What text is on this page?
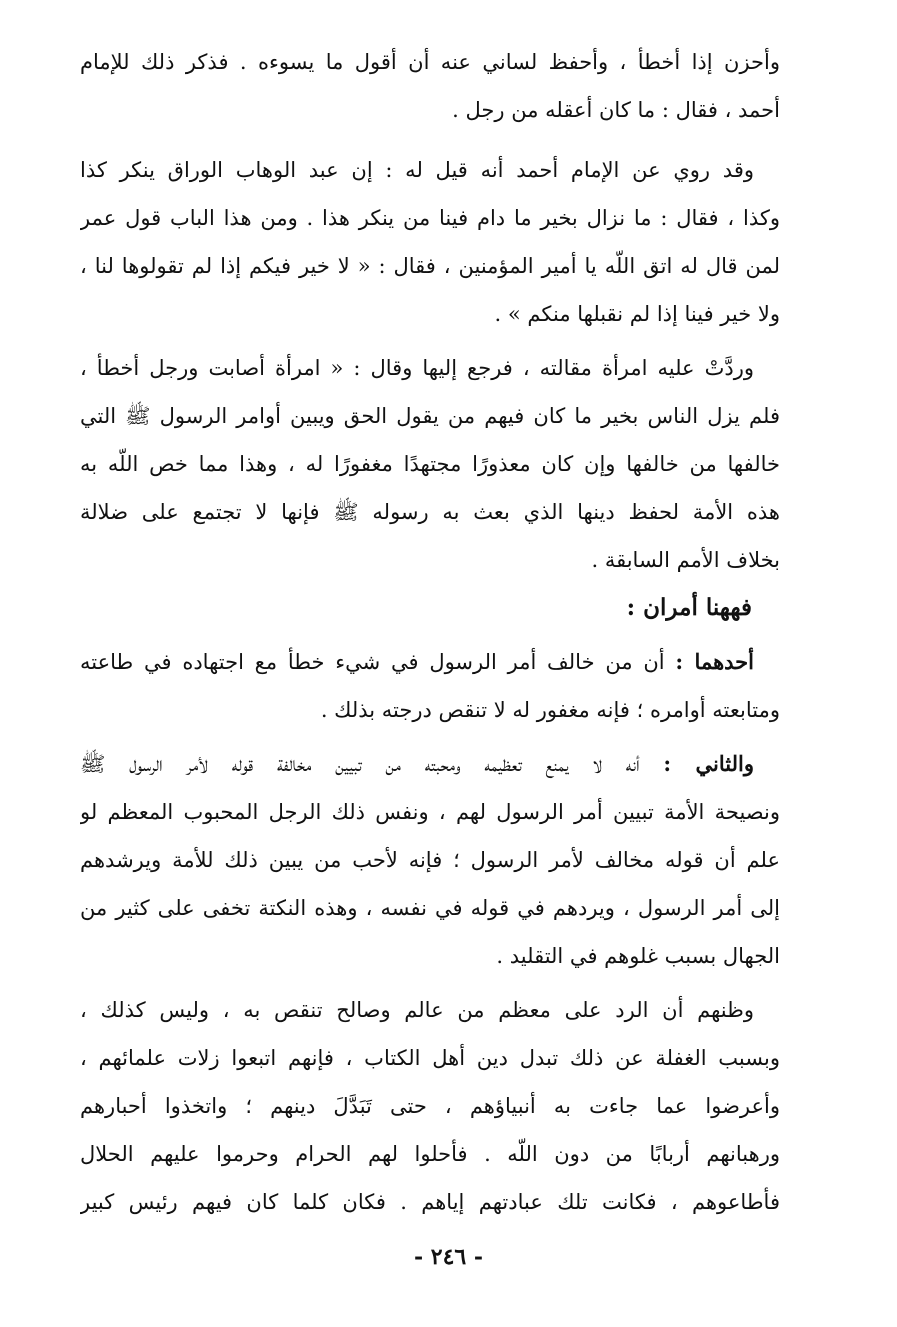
وأحزن إذا أخطأ ، وأحفظ لساني عنه أن أقول ما يسوءه . فذكر ذلك للإمام
أحمد ، فقال : ما كان أعقله من رجل .

وقد روي عن الإمام أحمد أنه قيل له : إن عبد الوهاب الوراق ينكر كذا
وكذا ، فقال : ما نزال بخير ما دام فينا من ينكر هذا . ومن هذا الباب قول عمر
لمن قال له اتق اللّه يا أمير المؤمنين ، فقال : « لا خير فيكم إذا لم تقولوها لنا ،
ولا خير فينا إذا لم نقبلها منكم » .

وردَّتْ عليه امرأة مقالته ، فرجع إليها وقال : « امرأة أصابت ورجل أخطأ ،
فلم يزل الناس بخير ما كان فيهم من يقول الحق ويبين أوامر الرسول ﷺ التي
خالفها من خالفها وإن كان معذورًا مجتهدًا مغفورًا له ، وهذا مما خص اللّه به
هذه الأمة لحفظ دينها الذي بعث به رسوله ﷺ فإنها لا تجتمع على ضلالة
بخلاف الأمم السابقة .

فههنا أمران :

أحدهما : أن من خالف أمر الرسول في شيء خطأ مع اجتهاده في طاعته
ومتابعته أوامره ؛ فإنه مغفور له لا تنقص درجته بذلك .

والثاني : أنه لا يمنع تعظيمه ومحبته من تبيين مخالفة قوله لأمر الرسول ﷺ
ونصيحة الأمة تبيين أمر الرسول لهم ، ونفس ذلك الرجل المحبوب المعظم لو
علم أن قوله مخالف لأمر الرسول ؛ فإنه لأحب من يبين ذلك للأمة ويرشدهم
إلى أمر الرسول ، ويردهم في قوله في نفسه ، وهذه النكتة تخفى على كثير من
الجهال بسبب غلوهم في التقليد .

وظنهم أن الرد على معظم من عالم وصالح تنقص به ، وليس كذلك ،
وبسبب الغفلة عن ذلك تبدل دين أهل الكتاب ، فإنهم اتبعوا زلات علمائهم ،
وأعرضوا عما جاءت به أنبياؤهم ، حتى تَبَدَّلَ دينهم ؛ واتخذوا أحبارهم
ورهبانهم أربابًا من دون اللّه . فأحلوا لهم الحرام وحرموا عليهم الحلال
فأطاعوهم ، فكانت تلك عبادتهم إياهم . فكان كلما كان فيهم رئيس كبير

- ٢٤٦ -
